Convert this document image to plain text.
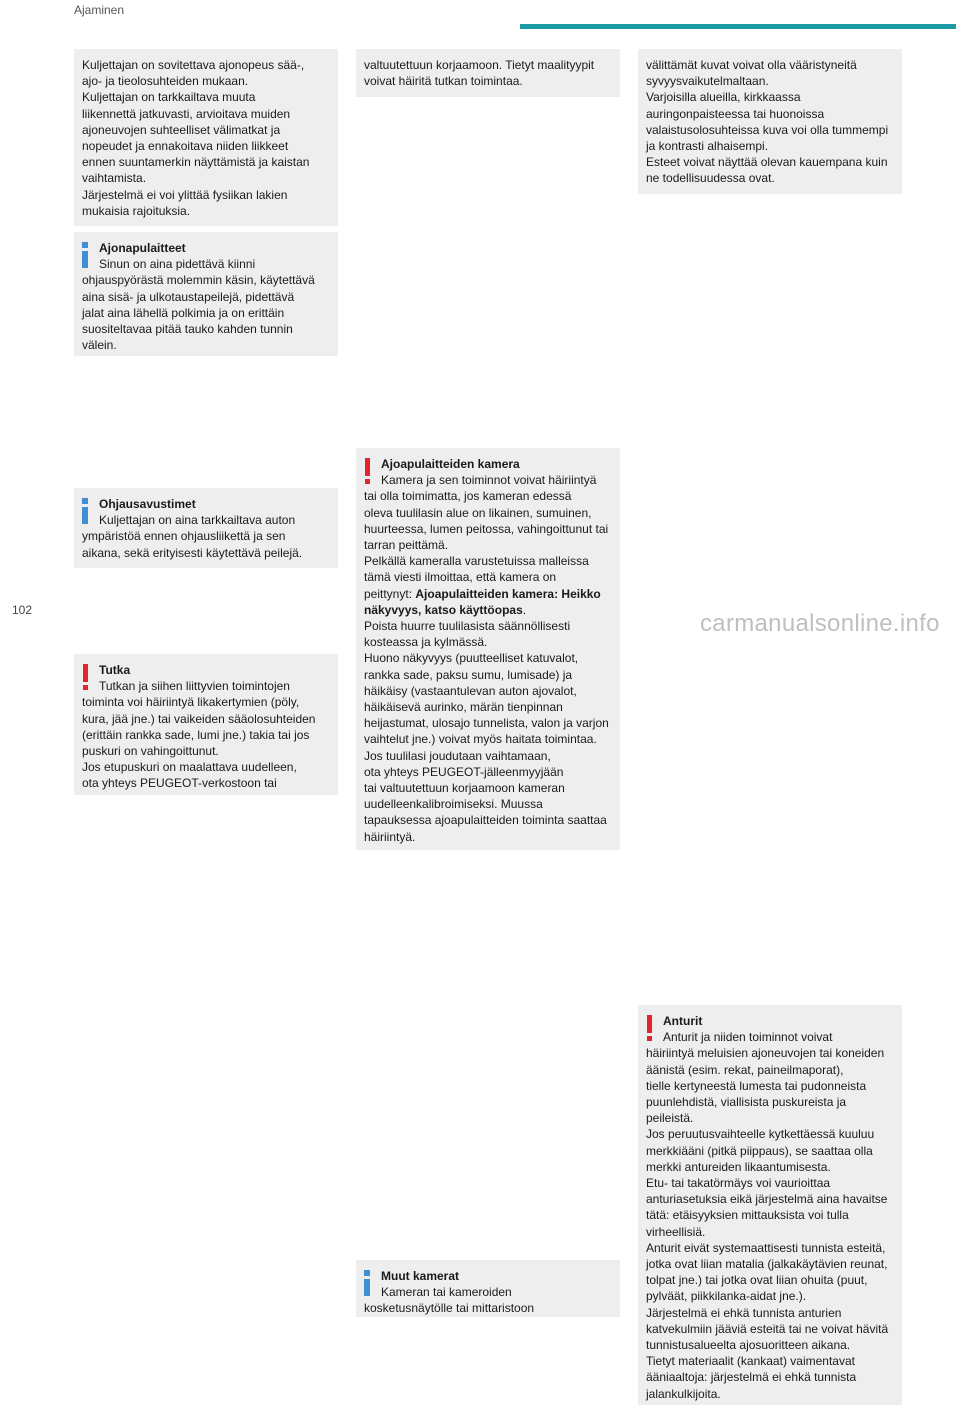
Ajaminen

Kuljettajan on sovitettava ajonopeus sää-,
ajo- ja tieolosuhteiden mukaan.
Kuljettajan on tarkkailtava muuta
liikennettä jatkuvasti, arvioitava muiden
ajoneuvojen suhteelliset välimatkat ja
nopeudet ja ennakoitava niiden liikkeet
ennen suuntamerkin näyttämistä ja kaistan
vaihtamista.
Järjestelmä ei voi ylittää fysiikan lakien
mukaisia rajoituksia.

Ajonapulaitteet

Sinun on aina pidettävä kiinni

ohjauspyörästä molemmin käsin, käytettävä
aina sisä- ja ulkotaustapeilejä, pidettävä
jalat aina lähellä polkimia ja on erittäin
suositeltavaa pitää tauko kahden tunnin
välein.

Ohjausavustimet

Kuljettajan on aina tarkkailtava auton

ympäristöä ennen ohjausliikettä ja sen
aikana, sekä erityisesti käytettävä peilejä.

Tutka

Tutkan ja siihen liittyvien toimintojen

toiminta voi häiriintyä likakertymien (pöly,
kura, jää jne.) tai vaikeiden sääolosuhteiden
(erittäin rankka sade, lumi jne.) takia tai jos
puskuri on vahingoittunut.
Jos etupuskuri on maalattava uudelleen,
ota yhteys PEUGEOT-verkostoon tai

valtuutettuun korjaamoon. Tietyt maalityypit
voivat häiritä tutkan toimintaa.

Ajoapulaitteiden kamera

Kamera ja sen toiminnot voivat häiriintyä

tai olla toimimatta, jos kameran edessä
oleva tuulilasin alue on likainen, sumuinen,
huurteessa, lumen peitossa, vahingoittunut tai
tarran peittämä.
Pelkällä kameralla varustetuissa malleissa
tämä viesti ilmoittaa, että kamera on
peittynyt: Ajoapulaitteiden kamera: Heikko
näkyvyys, katso käyttöopas.
Poista huurre tuulilasista säännöllisesti
kosteassa ja kylmässä.
Huono näkyvyys (puutteelliset katuvalot,
rankka sade, paksu sumu, lumisade) ja
häikäisy (vastaantulevan auton ajovalot,
häikäisevä aurinko, märän tienpinnan
heijastumat, ulosajo tunnelista, valon ja varjon
vaihtelut jne.) voivat myös haitata toimintaa.
Jos tuulilasi joudutaan vaihtamaan,
ota yhteys PEUGEOT-jälleenmyyjään
tai valtuutettuun korjaamoon kameran
uudelleenkalibroimiseksi. Muussa
tapauksessa ajoapulaitteiden toiminta saattaa
häiriintyä.

Muut kamerat

Kameran tai kameroiden

kosketusnäytölle tai mittaristoon

välittämät kuvat voivat olla vääristyneitä
syvyysvaikutelmaltaan.
Varjoisilla alueilla, kirkkaassa
auringonpaisteessa tai huonoissa
valaistusolosuhteissa kuva voi olla tummempi
ja kontrasti alhaisempi.
Esteet voivat näyttää olevan kauempana kuin
ne todellisuudessa ovat.

Anturit

Anturit ja niiden toiminnot voivat

häiriintyä meluisien ajoneuvojen tai koneiden
äänistä (esim. rekat, paineilmaporat),
tielle kertyneestä lumesta tai pudonneista
puunlehdistä, viallisista puskureista ja
peileistä.
Jos peruutusvaihteelle kytkettäessä kuuluu
merkkiääni (pitkä piippaus), se saattaa olla
merkki antureiden likaantumisesta.
Etu- tai takatörmäys voi vaurioittaa
anturiasetuksia eikä järjestelmä aina havaitse
tätä: etäisyyksien mittauksista voi tulla
virheellisiä.
Anturit eivät systemaattisesti tunnista esteitä,
jotka ovat liian matalia (jalkakäytävien reunat,
tolpat jne.) tai jotka ovat liian ohuita (puut,
pylväät, piikkilanka-aidat jne.).
Järjestelmä ei ehkä tunnista anturien
katvekulmiin jääviä esteitä tai ne voivat hävitä
tunnistusalueelta ajosuoritteen aikana.
Tietyt materiaalit (kankaat) vaimentavat
ääniaaltoja: järjestelmä ei ehkä tunnista
jalankulkijoita.

102	carmanualsonline.info
